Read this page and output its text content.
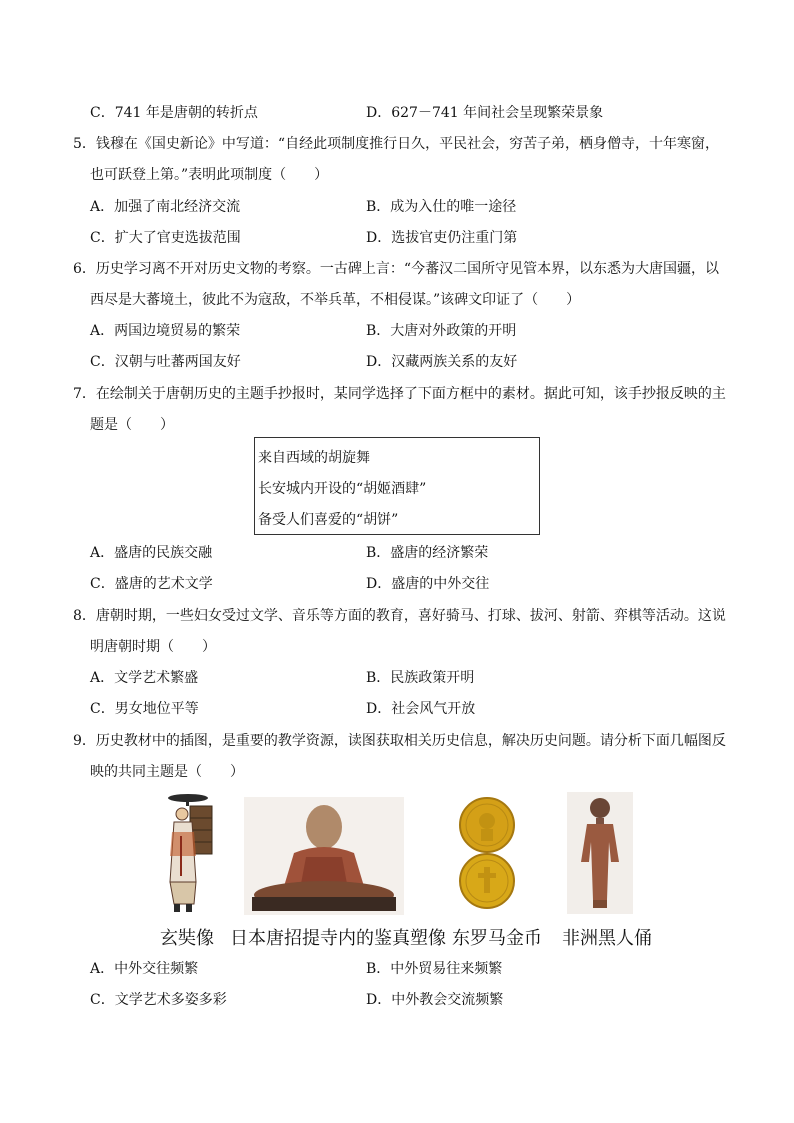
C．741 年是唐朝的转折点	D．627－741 年间社会呈现繁荣景象
5．钱穆在《国史新论》中写道：“自经此项制度推行日久，平民社会，穷苦子弟，栖身僧寺，十年寒窗，
也可跃登上第。”表明此项制度（　　）
A．加强了南北经济交流	B．成为入仕的唯一途径
C．扩大了官吏选拔范围	D．选拔官吏仍注重门第
6．历史学习离不开对历史文物的考察。一古碑上言：“今蕃汉二国所守见管本界，以东悉为大唐国疆，以
西尽是大蕃境土，彼此不为寇敌，不举兵革，不相侵谋。”该碑文印证了（　　）
A．两国边境贸易的繁荣	B．大唐对外政策的开明
C．汉朝与吐蕃两国友好	D．汉藏两族关系的友好
7．在绘制关于唐朝历史的主题手抄报时，某同学选择了下面方框中的素材。据此可知，该手抄报反映的主
题是（　　）
来自西域的胡旋舞
长安城内开设的“胡姬酒肆”
备受人们喜爱的“胡饼”
A．盛唐的民族交融	B．盛唐的经济繁荣
C．盛唐的艺术文学	D．盛唐的中外交往
8．唐朝时期，一些妇女受过文学、音乐等方面的教育，喜好骑马、打球、拔河、射箭、弈棋等活动。这说
明唐朝时期（　　）
A．文学艺术繁盛	B．民族政策开明
C．男女地位平等	D．社会风气开放
9．历史教材中的插图，是重要的教学资源，读图获取相关历史信息，解决历史问题。请分析下面几幅图反
映的共同主题是（　　）
玄奘像 日本唐招提寺内的鉴真塑像 东罗马金币 非洲黑人俑
A．中外交往频繁	B．中外贸易往来频繁
C．文学艺术多姿多彩	D．中外教会交流频繁
